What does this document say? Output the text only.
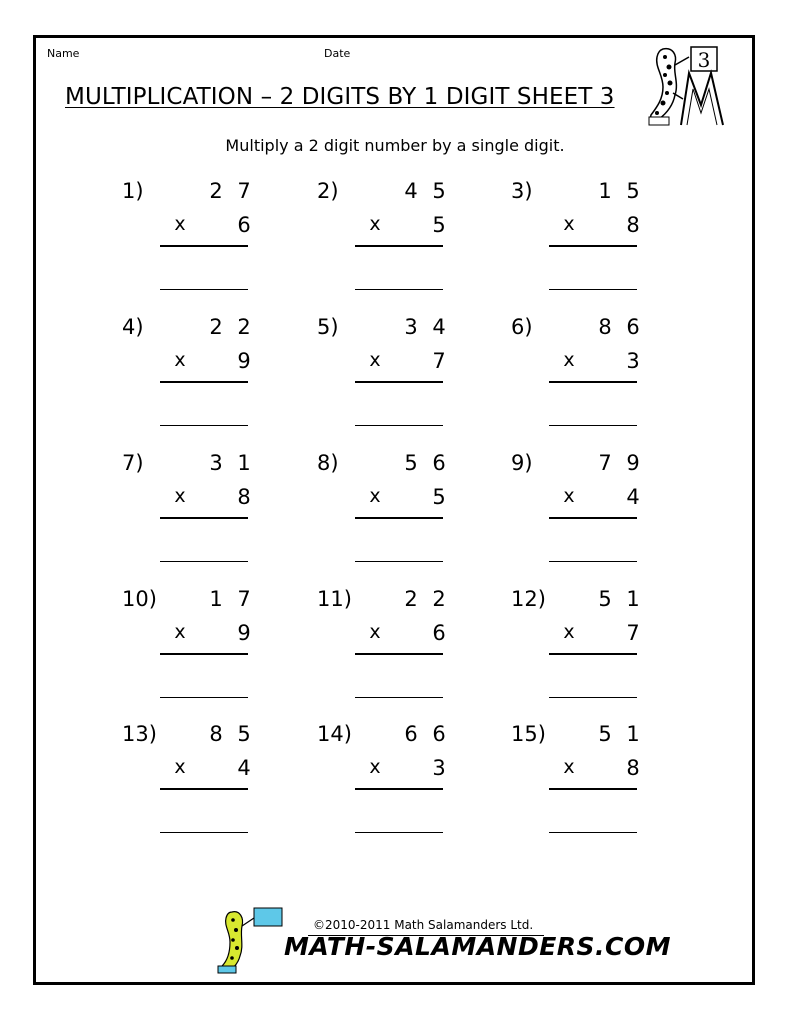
Name	Date
MULTIPLICATION – 2 DIGITS BY 1 DIGIT SHEET 3
Multiply a 2 digit number by a single digit.
3
1)	2 7
x 6
2)	4 5
x 5
3)	1 5
x 8
4)	2 2
x 9
5)	3 4
x 7
6)	8 6
x 3
7)	3 1
x 8
8)	5 6
x 5
9)	7 9
x 4
10)	1 7
x 9
11)	2 2
x 6
12)	5 1
x 7
13)	8 5
x 4
14)	6 6
x 3
15)	5 1
x 8
©2010-2011 Math Salamanders Ltd.
MATH-SALAMANDERS.COM
